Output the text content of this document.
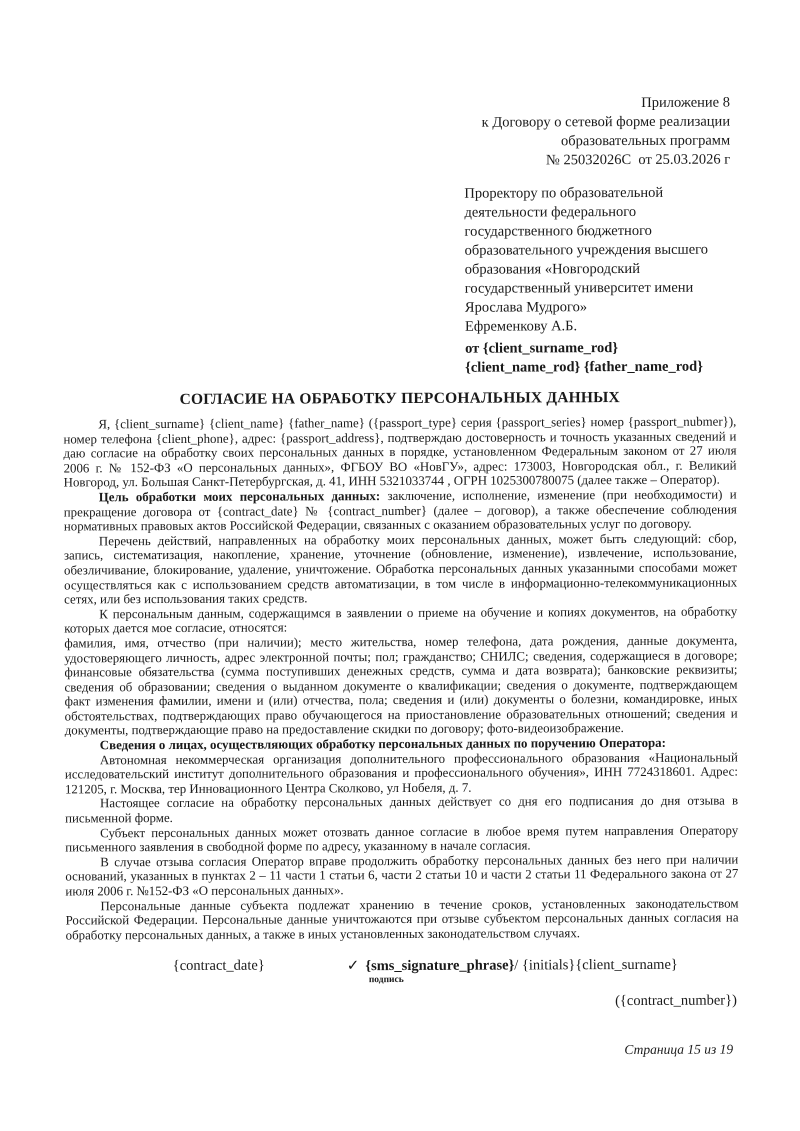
Приложение 8
к Договору о сетевой форме реализации
образовательных программ
№ 25032026С  от 25.03.2026 г
Проректору по образовательной
деятельности федерального
государственного бюджетного
образовательного учреждения высшего
образования «Новгородский
государственный университет имени
Ярослава Мудрого»
Ефременкову А.Б.
от {client_surname_rod}
{client_name_rod} {father_name_rod}
СОГЛАСИЕ НА ОБРАБОТКУ ПЕРСОНАЛЬНЫХ ДАННЫХ

Я, {client_surname} {client_name} {father_name} ({passport_type} серия {passport_series} номер {passport_nubmer}), номер телефона {client_phone}, адрес: {passport_address}, подтверждаю достоверность и точность указанных сведений и даю согласие на обработку своих персональных данных в порядке, установленном Федеральным законом от 27 июля 2006 г. № 152-ФЗ «О персональных данных», ФГБОУ ВО «НовГУ», адрес: 173003, Новгородская обл., г. Великий Новгород, ул. Большая Санкт-Петербургская, д. 41, ИНН 5321033744 , ОГРН 1025300780075 (далее также – Оператор).

Цель обработки моих персональных данных: заключение, исполнение, изменение (при необходимости) и прекращение договора от {contract_date} № {contract_number} (далее – договор), а также обеспечение соблюдения нормативных правовых актов Российской Федерации, связанных с оказанием образовательных услуг по договору.

Перечень действий, направленных на обработку моих персональных данных, может быть следующий: сбор, запись, систематизация, накопление, хранение, уточнение (обновление, изменение), извлечение, использование, обезличивание, блокирование, удаление, уничтожение. Обработка персональных данных указанными способами может осуществляться как с использованием средств автоматизации, в том числе в информационно-телекоммуникационных сетях, или без использования таких средств.

К персональным данным, содержащимся в заявлении о приеме на обучение и копиях документов, на обработку которых дается мое согласие, относятся:

фамилия, имя, отчество (при наличии); место жительства, номер телефона, дата рождения, данные документа, удостоверяющего личность, адрес электронной почты; пол; гражданство; СНИЛС; сведения, содержащиеся в договоре; финансовые обязательства (сумма поступивших денежных средств, сумма и дата возврата); банковские реквизиты; сведения об образовании; сведения о выданном документе о квалификации; сведения о документе, подтверждающем факт изменения фамилии, имени и (или) отчества, пола; сведения и (или) документы о болезни, командировке, иных обстоятельствах, подтверждающих право обучающегося на приостановление образовательных отношений; сведения и документы, подтверждающие право на предоставление скидки по договору; фото-видеоизображение.

Сведения о лицах, осуществляющих обработку персональных данных по поручению Оператора:

Автономная некоммерческая организация дополнительного профессионального образования «Национальный исследовательский институт дополнительного образования и профессионального обучения», ИНН 7724318601. Адрес: 121205, г. Москва, тер Инновационного Центра Сколково, ул Нобеля, д. 7.

Настоящее согласие на обработку персональных данных действует со дня его подписания до дня отзыва в письменной форме.

Субъект персональных данных может отозвать данное согласие в любое время путем направления Оператору письменного заявления в свободной форме по адресу, указанному в начале согласия.

В случае отзыва согласия Оператор вправе продолжить обработку персональных данных без него при наличии оснований, указанных в пунктах 2 – 11 части 1 статьи 6, части 2 статьи 10 и части 2 статьи 11 Федерального закона от 27 июля 2006 г. №152-ФЗ «О персональных данных».

Персональные данные субъекта подлежат хранению в течение сроков, установленных законодательством Российской Федерации. Персональные данные уничтожаются при отзыве субъектом персональных данных согласия на обработку персональных данных, а также в иных установленных законодательством случаях.

{contract_date}	✓ {sms_signature_phrase}/ {initials}{client_surname}
подпись
({contract_number})
Страница 15 из 19
